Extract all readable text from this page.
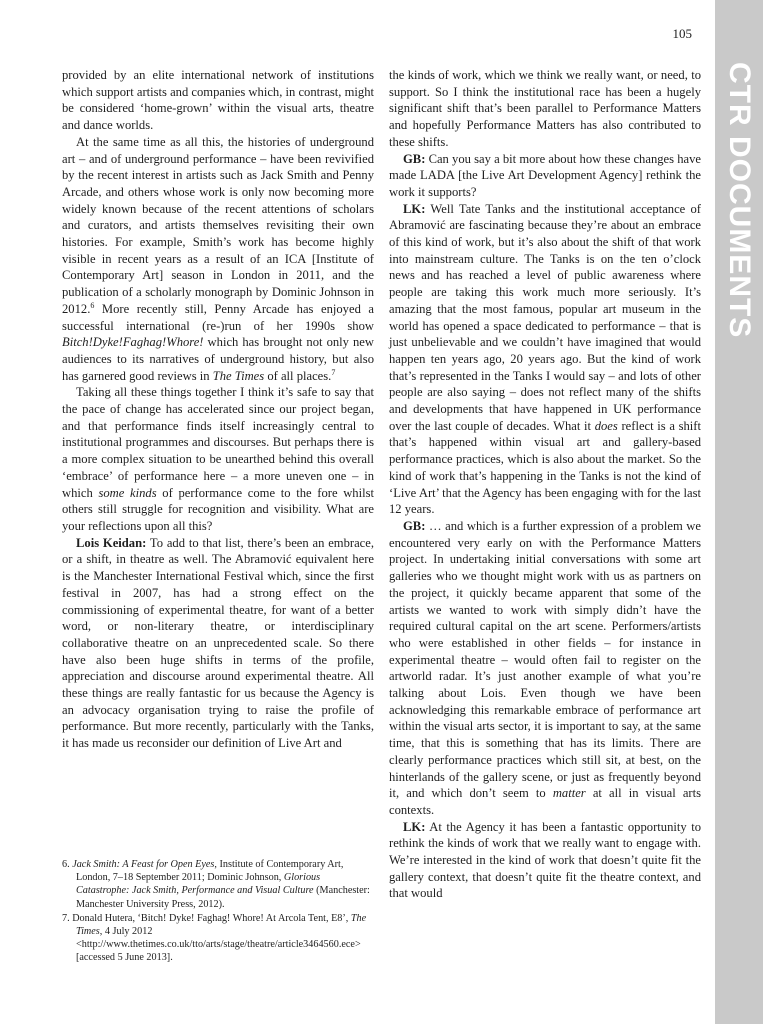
105
CTR DOCUMENTS

provided by an elite international network of institutions which support artists and companies which, in contrast, might be considered ‘home-grown’ within the visual arts, theatre and dance worlds.

At the same time as all this, the histories of underground art – and of underground performance – have been revivified by the recent interest in artists such as Jack Smith and Penny Arcade, and others whose work is only now becoming more widely known because of the recent attentions of scholars and curators, and artists themselves revisiting their own histories. For example, Smith’s work has become highly visible in recent years as a result of an ICA [Institute of Contemporary Art] season in London in 2011, and the publication of a scholarly monograph by Dominic Johnson in 2012.$^6$ More recently still, Penny Arcade has enjoyed a successful international (re-)run of her 1990s show Bitch!Dyke!Faghag!Whore! which has brought not only new audiences to its narratives of underground history, but also has garnered good reviews in The Times of all places.$^7$

Taking all these things together I think it’s safe to say that the pace of change has accelerated since our project began, and that performance finds itself increasingly central to institutional programmes and discourses. But perhaps there is a more complex situation to be unearthed behind this overall ‘embrace’ of performance here – a more uneven one – in which some kinds of performance come to the fore whilst others still struggle for recognition and visibility. What are your reflections upon all this?

Lois Keidan: To add to that list, there’s been an embrace, or a shift, in theatre as well. The Abramović equivalent here is the Manchester International Festival which, since the first festival in 2007, has had a strong effect on the commissioning of experimental theatre, for want of a better word, or non-literary theatre, or interdisciplinary collaborative theatre on an unprecedented scale. So there have also been huge shifts in terms of the profile, appreciation and discourse around experimental theatre. All these things are really fantastic for us because the Agency is an advocacy organisation trying to raise the profile of performance. But more recently, particularly with the Tanks, it has made us reconsider our definition of Live Art and

the kinds of work, which we think we really want, or need, to support. So I think the institutional race has been a hugely significant shift that’s been parallel to Performance Matters and hopefully Performance Matters has also contributed to these shifts.

GB: Can you say a bit more about how these changes have made LADA [the Live Art Development Agency] rethink the work it supports?

LK: Well Tate Tanks and the institutional acceptance of Abramović are fascinating because they’re about an embrace of this kind of work, but it’s also about the shift of that work into mainstream culture. The Tanks is on the ten o’clock news and has reached a level of public awareness where people are taking this work much more seriously. It’s amazing that the most famous, popular art museum in the world has opened a space dedicated to performance – that is just unbelievable and we couldn’t have imagined that would happen ten years ago, 20 years ago. But the kind of work that’s represented in the Tanks I would say – and lots of other people are also saying – does not reflect many of the shifts and developments that have happened in UK performance over the last couple of decades. What it does reflect is a shift that’s happened within visual art and gallery-based performance practices, which is also about the market. So the kind of work that’s happening in the Tanks is not the kind of ‘Live Art’ that the Agency has been engaging with for the last 12 years.

GB: … and which is a further expression of a problem we encountered very early on with the Performance Matters project. In undertaking initial conversations with some art galleries who we thought might work with us as partners on the project, it quickly became apparent that some of the artists we wanted to work with simply didn’t have the required cultural capital on the art scene. Performers/artists who were established in other fields – for instance in experimental theatre – would often fail to register on the artworld radar. It’s just another example of what you’re talking about Lois. Even though we have been acknowledging this remarkable embrace of performance art within the visual arts sector, it is important to say, at the same time, that this is something that has its limits. There are clearly performance practices which still sit, at best, on the hinterlands of the gallery scene, or just as frequently beyond it, and which don’t seem to matter at all in visual arts contexts.

LK: At the Agency it has been a fantastic opportunity to rethink the kinds of work that we really want to engage with. We’re interested in the kind of work that doesn’t quite fit the gallery context, that doesn’t quite fit the theatre context, and that would

6. Jack Smith: A Feast for Open Eyes, Institute of Contemporary Art, London, 7–18 September 2011; Dominic Johnson, Glorious Catastrophe: Jack Smith, Performance and Visual Culture (Manchester: Manchester University Press, 2012).

7. Donald Hutera, ‘Bitch! Dyke! Faghag! Whore! At Arcola Tent, E8’, The Times, 4 July 2012 <http://www.thetimes.co.uk/tto/arts/stage/theatre/article3464560.ece> [accessed 5 June 2013].
